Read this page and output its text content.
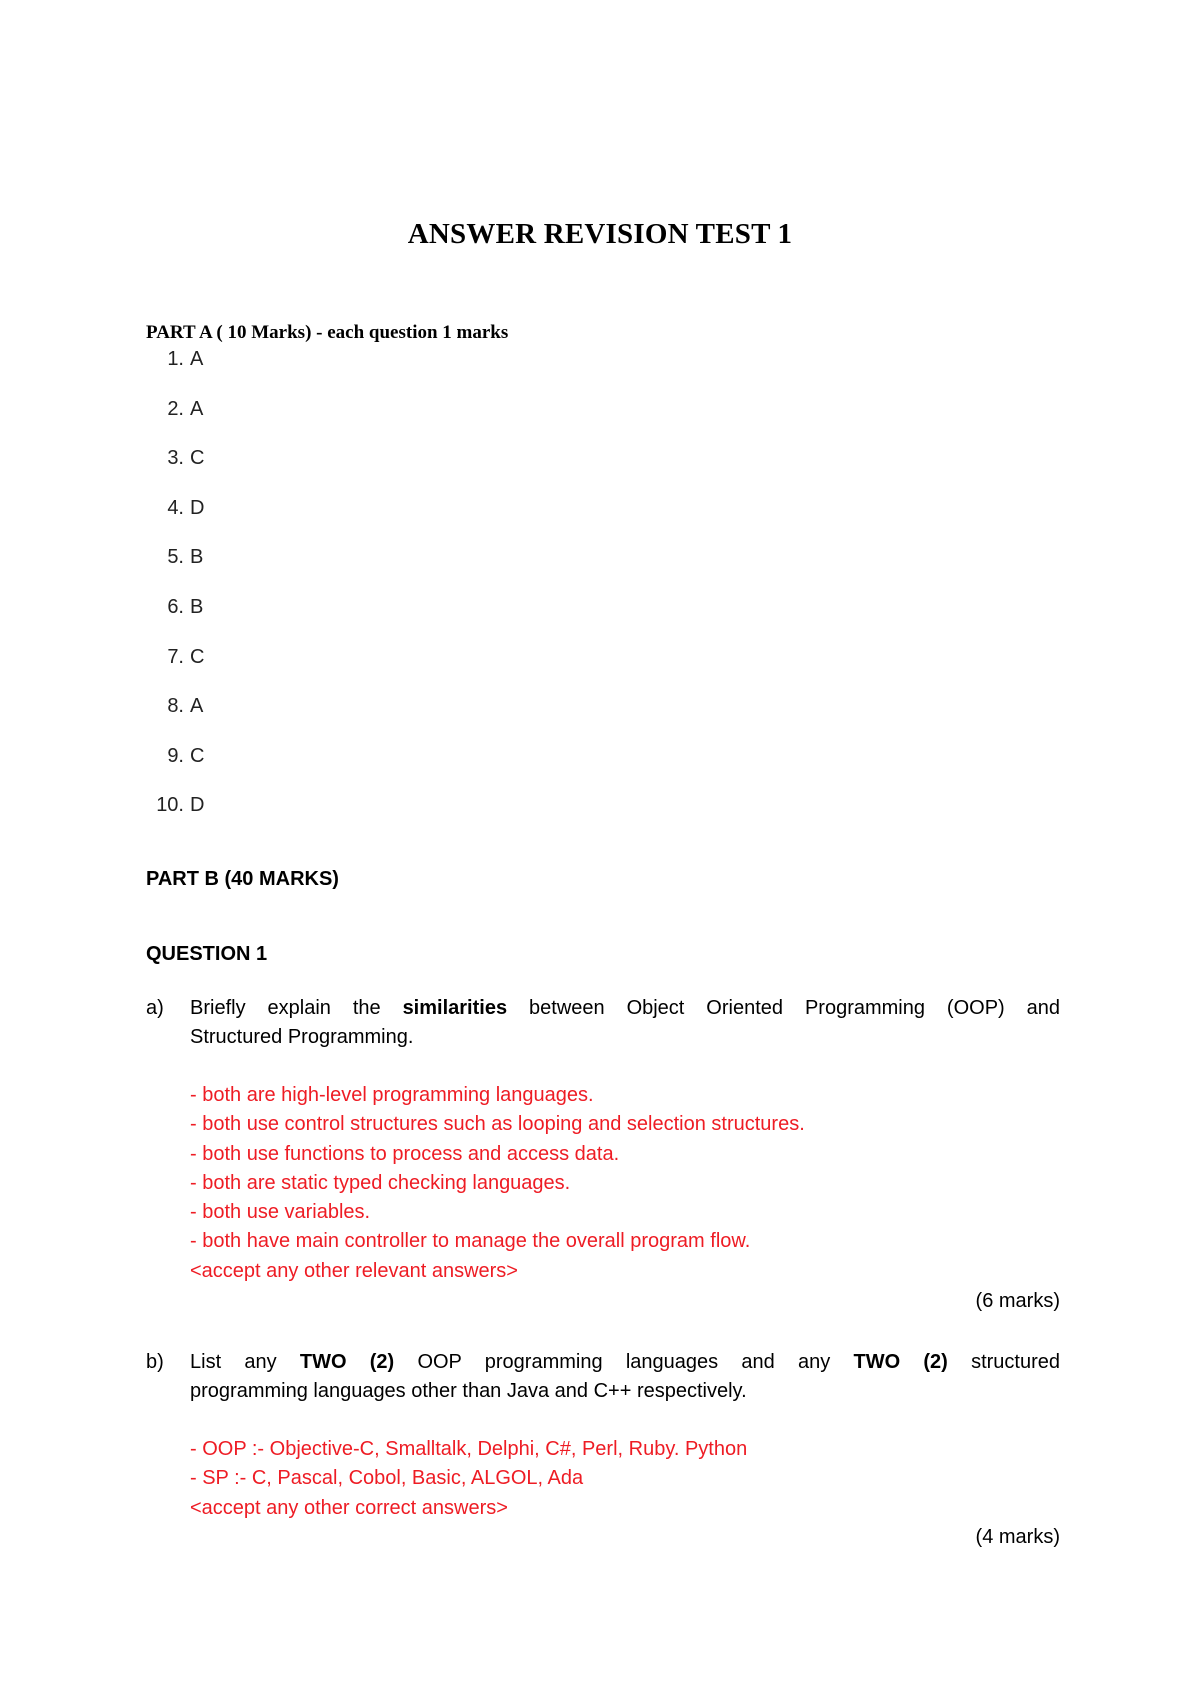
ANSWER REVISION TEST 1
PART A ( 10 Marks) - each question 1 marks
1. A
2. A
3. C
4. D
5. B
6. B
7. C
8. A
9. C
10. D
PART B (40 MARKS)
QUESTION 1
a) Briefly explain the similarities between Object Oriented Programming (OOP) and
Structured Programming.
- both are high-level programming languages.
- both use control structures such as looping and selection structures.
- both use functions to process and access data.
- both are static typed checking languages.
- both use variables.
- both have main controller to manage the overall program flow.
<accept any other relevant answers>
(6 marks)
b) List any TWO (2) OOP programming languages and any TWO (2) structured
programming languages other than Java and C++ respectively.
- OOP :- Objective-C, Smalltalk, Delphi, C#, Perl, Ruby. Python
- SP :- C, Pascal, Cobol, Basic, ALGOL, Ada
<accept any other correct answers>
(4 marks)
